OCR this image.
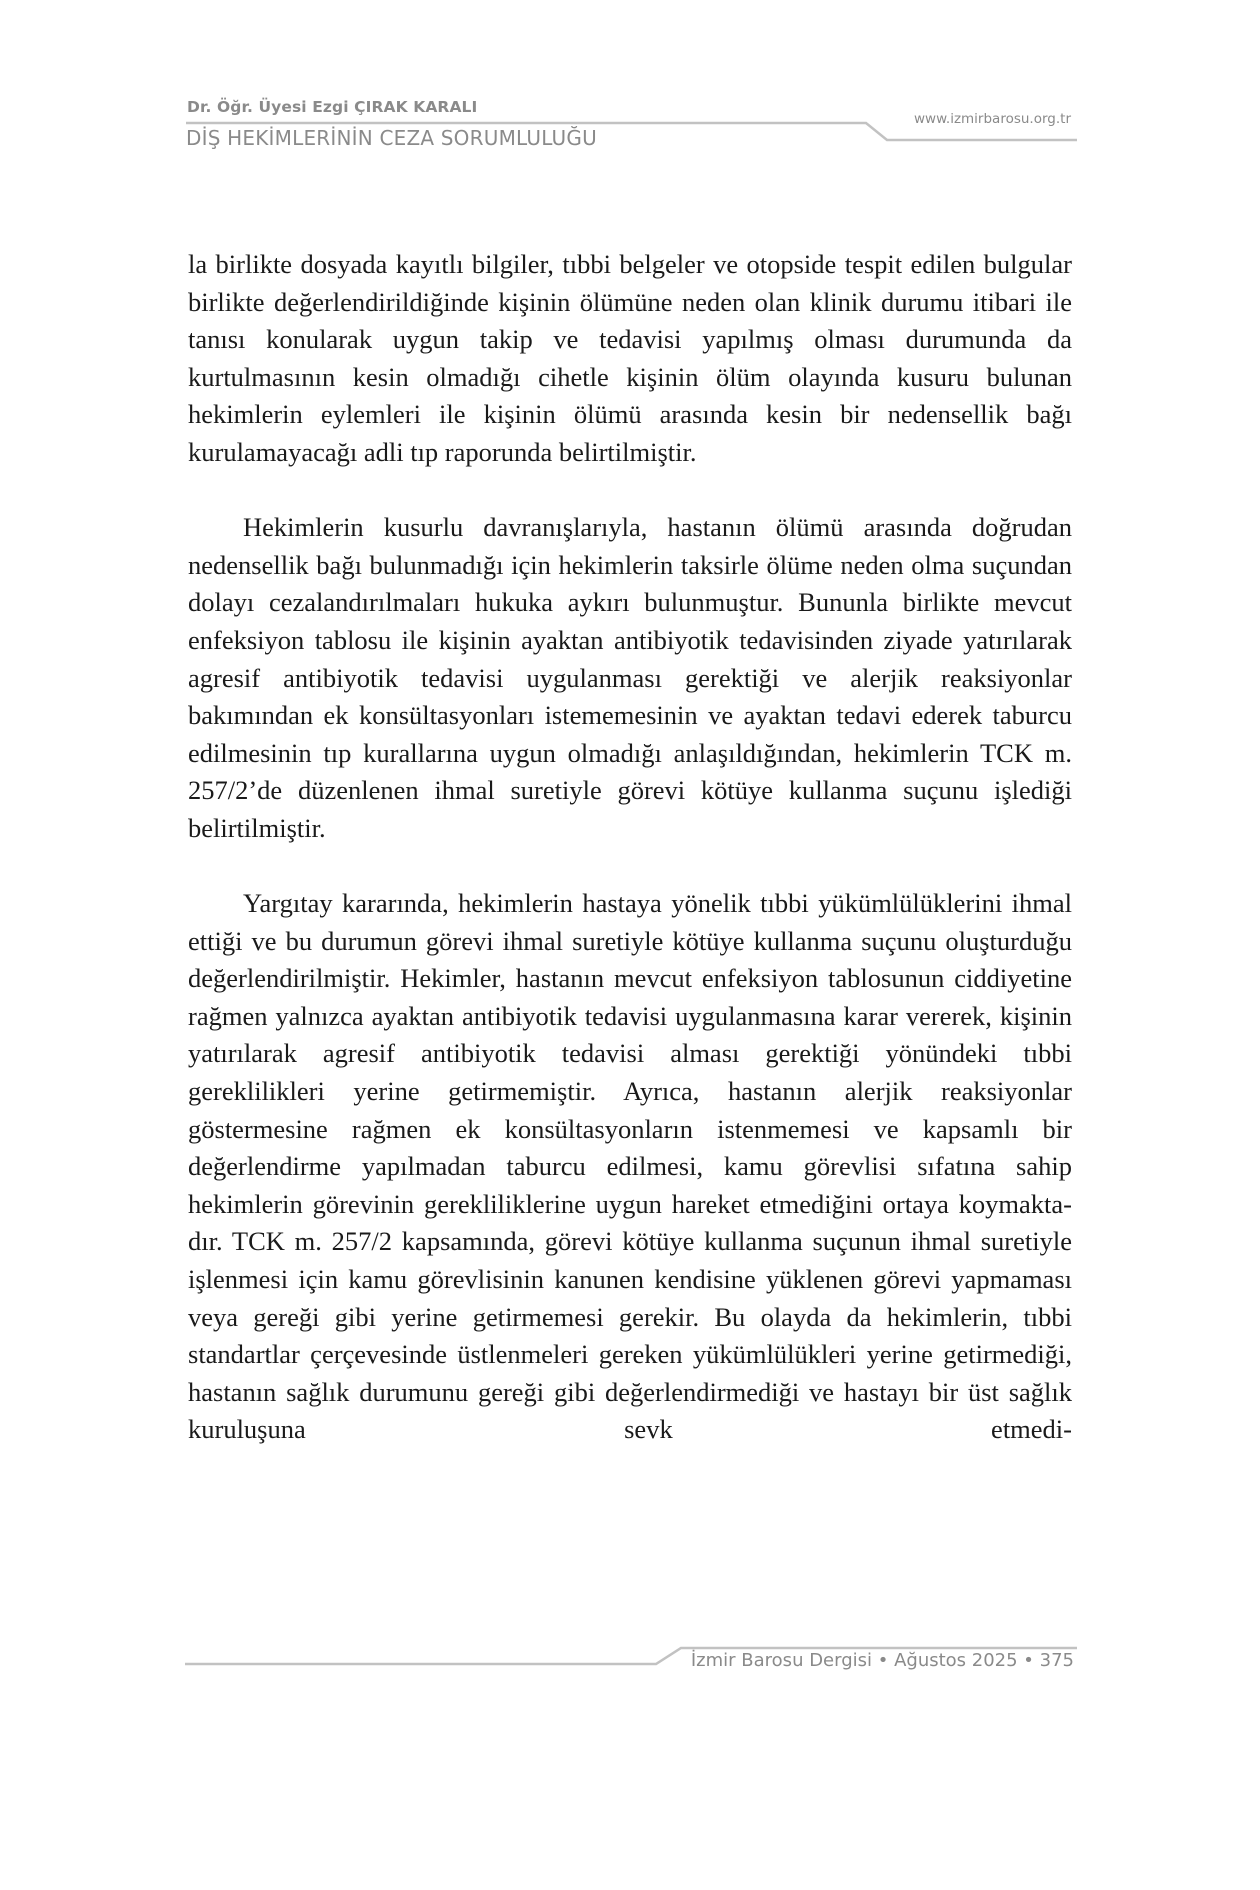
Dr. Öğr. Üyesi Ezgi ÇIRAK KARALI
DİŞ HEKİMLERİNİN CEZA SORUMLULUĞU
www.izmirbarosu.org.tr

la birlikte dosyada kayıtlı bilgiler, tıbbi belgeler ve otopside tespit edilen bulgular birlikte değerlendirildiğinde kişinin ölümüne neden olan klinik durumu itibari ile tanısı konularak uygun takip ve tedavisi yapılmış olması durumunda da kurtulmasının kesin olmadığı cihetle kişinin ölüm olayında kusuru bulunan hekimlerin eylemleri ile kişinin ölümü arasında kesin bir nedensellik bağı kurulamayacağı adli tıp raporunda belirtilmiştir.

Hekimlerin kusurlu davranışlarıyla, hastanın ölümü arasında doğrudan nedensellik bağı bulunmadığı için hekimlerin taksirle ölüme neden olma suçundan dolayı cezalandırılmaları hukuka aykırı bulunmuştur. Bununla birlikte mevcut enfeksiyon tablosu ile kişinin ayaktan antibiyotik tedavisinden ziyade yatırılarak agresif antibiyotik tedavisi uygulanması gerektiği ve alerjik reaksiyonlar bakımından ek konsültasyonları istememesinin ve ayaktan tedavi ederek taburcu edilmesinin tıp kurallarına uygun olmadığı anlaşıldığından, hekimlerin TCK m. 257/2’de düzenlenen ihmal suretiyle görevi kötüye kullanma suçunu işlediği belirtilmiştir.

Yargıtay kararında, hekimlerin hastaya yönelik tıbbi yükümlülüklerini ihmal ettiği ve bu durumun görevi ihmal suretiyle kötüye kullanma suçunu oluşturduğu değerlendirilmiştir. Hekimler, hastanın mevcut enfeksiyon tablosunun ciddiyetine rağmen yalnızca ayaktan antibiyotik tedavisi uygulanmasına karar vererek, kişinin yatırılarak agresif antibiyotik tedavisi alması gerektiği yönündeki tıbbi gereklilikleri yerine getirmemiştir. Ayrıca, hastanın alerjik reaksiyonlar göstermesine rağmen ek konsültasyonların istenmemesi ve kapsamlı bir değerlendirme yapılmadan taburcu edilmesi, kamu görevlisi sıfatına sahip hekimlerin görevinin gerekliliklerine uygun hareket etmediğini ortaya koymaktadır. TCK m. 257/2 kapsamında, görevi kötüye kullanma suçunun ihmal suretiyle işlenmesi için kamu görevlisinin kanunen kendisine yüklenen görevi yapmaması veya gereği gibi yerine getirmemesi gerekir. Bu olayda da hekimlerin, tıbbi standartlar çerçevesinde üstlenmeleri gereken yükümlülükleri yerine getirmediği, hastanın sağlık durumunu gereği gibi değerlendirmediği ve hastayı bir üst sağlık kuruluşuna sevk etmedi-

İzmir Barosu Dergisi • Ağustos 2025 • 375
